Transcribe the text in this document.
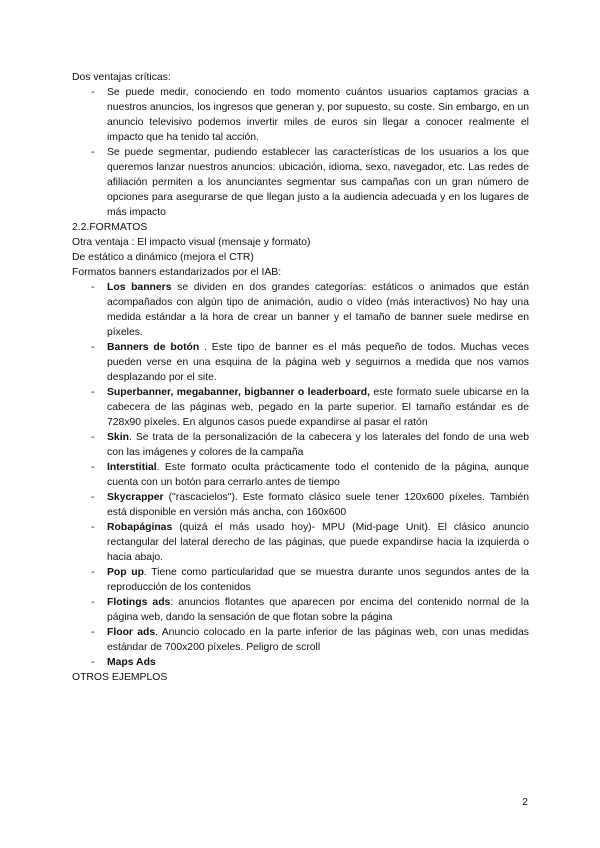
Dos ventajas críticas:

- Se puede medir, conociendo en todo momento cuántos usuarios captamos gracias a nuestros anuncios, los ingresos que generan y, por supuesto, su coste. Sin embargo, en un anuncio televisivo podemos invertir miles de euros sin llegar a conocer realmente el impacto que ha tenido tal acción.
- Se puede segmentar, pudiendo establecer las características de los usuarios a los que queremos lanzar nuestros anuncios: ubicación, idioma, sexo, navegador, etc. Las redes de afiliación permiten a los anunciantes segmentar sus campañas con un gran número de opciones para asegurarse de que llegan justo a la audiencia adecuada y en los lugares de más impacto

2.2.FORMATOS

Otra ventaja : El impacto visual (mensaje y formato)

De estático a dinámico (mejora el CTR)

Formatos banners estandarizados por el IAB:

- Los banners se dividen en dos grandes categorías: estáticos o animados que están acompañados con algún tipo de animación, audio o vídeo (más interactivos) No hay una medida estándar a la hora de crear un banner y el tamaño de banner suele medirse en píxeles.
- Banners de botón . Este tipo de banner es el más pequeño de todos. Muchas veces pueden verse en una esquina de la página web y seguirnos a medida que nos vamos desplazando por el site.
- Superbanner, megabanner, bigbanner o leaderboard, este formato suele ubicarse en la cabecera de las páginas web, pegado en la parte superior. El tamaño estándar es de 728x90 píxeles. En algunos casos puede expandirse al pasar el ratón
- Skin. Se trata de la personalización de la cabecera y los laterales del fondo de una web con las imágenes y colores de la campaña
- Interstitial. Este formato oculta prácticamente todo el contenido de la página, aunque cuenta con un botón para cerrarlo antes de tiempo
- Skycrapper ("rascacielos"). Este formato clásico suele tener 120x600 píxeles. También está disponible en versión más ancha, con 160x600
- Robapáginas (quizá el más usado hoy)- MPU (Mid-page Unit). El clásico anuncio rectangular del lateral derecho de las páginas, que puede expandirse hacia la izquierda o hacia abajo.
- Pop up. Tiene como particularidad que se muestra durante unos segundos antes de la reproducción de los contenidos
- Flotings ads: anuncios flotantes que aparecen por encima del contenido normal de la página web, dando la sensación de que flotan sobre la página
- Floor ads. Anuncio colocado en la parte inferior de las páginas web, con unas medidas estándar de 700x200 píxeles. Peligro de scroll
- Maps Ads

OTROS EJEMPLOS

2
